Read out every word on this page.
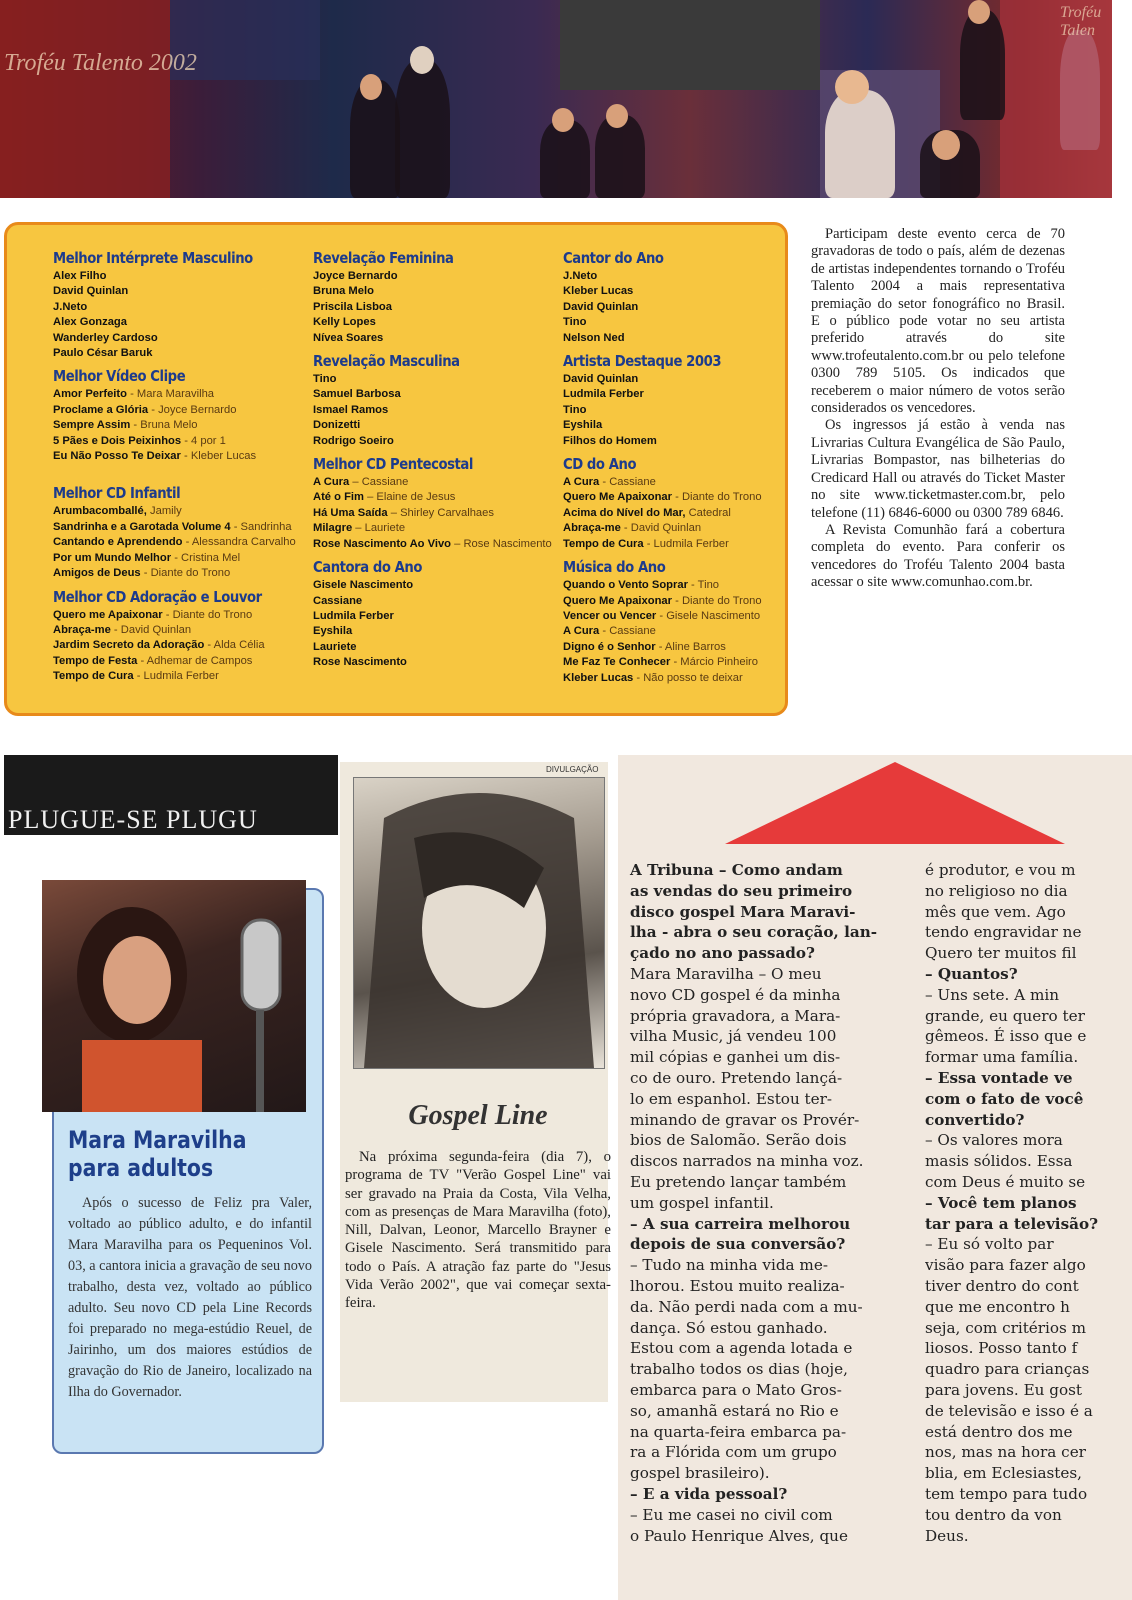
Troféu Talento 2002
Troféu Talen
Melhor Intérprete Masculino
Alex Filho
David Quinlan
J.Neto
Alex Gonzaga
Wanderley Cardoso
Paulo César Baruk
Melhor Vídeo Clipe
Amor Perfeito - Mara Maravilha
Proclame a Glória - Joyce Bernardo
Sempre Assim - Bruna Melo
5 Pães e Dois Peixinhos - 4 por 1
Eu Não Posso Te Deixar - Kleber Lucas
Melhor CD Infantil
Arumbacomballé, Jamily
Sandrinha e a Garotada Volume 4 - Sandrinha
Cantando e Aprendendo - Alessandra Carvalho
Por um Mundo Melhor - Cristina Mel
Amigos de Deus - Diante do Trono
Melhor CD Adoração e Louvor
Quero me Apaixonar - Diante do Trono
Abraça-me - David Quinlan
Jardim Secreto da Adoração - Alda Célia
Tempo de Festa - Adhemar de Campos
Tempo de Cura - Ludmila Ferber
Revelação Feminina
Joyce Bernardo
Bruna Melo
Priscila Lisboa
Kelly Lopes
Nívea Soares
Revelação Masculina
Tino
Samuel Barbosa
Ismael Ramos
Donizetti
Rodrigo Soeiro
Melhor CD Pentecostal
A Cura – Cassiane
Até o Fim – Elaine de Jesus
Há Uma Saída – Shirley Carvalhaes
Milagre – Lauriete
Rose Nascimento Ao Vivo – Rose Nascimento
Cantora do Ano
Gisele Nascimento
Cassiane
Ludmila Ferber
Eyshila
Lauriete
Rose Nascimento
Cantor do Ano
J.Neto
Kleber Lucas
David Quinlan
Tino
Nelson Ned
Artista Destaque 2003
David Quinlan
Ludmila Ferber
Tino
Eyshila
Filhos do Homem
CD do Ano
A Cura - Cassiane
Quero Me Apaixonar - Diante do Trono
Acima do Nível do Mar, Catedral
Abraça-me - David Quinlan
Tempo de Cura - Ludmila Ferber
Música do Ano
Quando o Vento Soprar - Tino
Quero Me Apaixonar - Diante do Trono
Vencer ou Vencer - Gisele Nascimento
A Cura - Cassiane
Digno é o Senhor - Aline Barros
Me Faz Te Conhecer - Márcio Pinheiro
Kleber Lucas - Não posso te deixar

Participam deste evento cerca de 70 gravadoras de todo o país, além de dezenas de artistas independentes tornando o Troféu Talento 2004 a mais representativa premiação do setor fonográfico no Brasil. E o público pode votar no seu artista preferido através do site www.trofeutalento.com.br ou pelo telefone 0300 789 5105. Os indicados que receberem o maior número de votos serão considerados os vencedores.

Os ingressos já estão à venda nas Livrarias Cultura Evangélica de São Paulo, Livrarias Bompastor, nas bilheterias do Credicard Hall ou através do Ticket Master no site www.ticketmaster.com.br, pelo telefone (11) 6846-6000 ou 0300 789 6846.

A Revista Comunhão fará a cobertura completa do evento. Para conferir os vencedores do Troféu Talento 2004 basta acessar o site www.comunhao.com.br.

PLUGUE-SE PLUGU
Mara Maravilha para adultos

Após o sucesso de Feliz pra Valer, voltado ao público adulto, e do infantil Mara Maravilha para os Pequeninos Vol. 03, a cantora inicia a gravação de seu novo trabalho, desta vez, voltado ao público adulto. Seu novo CD pela Line Records foi preparado no mega-estúdio Reuel, de Jairinho, um dos maiores estúdios de gravação do Rio de Janeiro, localizado na Ilha do Governador.

DIVULGAÇÃO
Gospel Line

Na próxima segunda-feira (dia 7), o programa de TV "Verão Gospel Line" vai ser gravado na Praia da Costa, Vila Velha, com as presenças de Mara Maravilha (foto), Nill, Dalvan, Leonor, Marcello Brayner e Gisele Nascimento. Será transmitido para todo o País. A atração faz parte do "Jesus Vida Verão 2002", que vai começar sexta-feira.

A Tribuna – Como andam
as vendas do seu primeiro
disco gospel Mara Maravi-
lha - abra o seu coração, lan-
çado no ano passado?
Mara Maravilha – O meu
novo CD gospel é da minha
própria gravadora, a Mara-
vilha Music, já vendeu 100
mil cópias e ganhei um dis-
co de ouro. Pretendo lançá-
lo em espanhol. Estou ter-
minando de gravar os Provér-
bios de Salomão. Serão dois
discos narrados na minha voz.
Eu pretendo lançar também
um gospel infantil.
– A sua carreira melhorou
depois de sua conversão?
– Tudo na minha vida me-
lhorou. Estou muito realiza-
da. Não perdi nada com a mu-
dança. Só estou ganhado.
Estou com a agenda lotada e
trabalho todos os dias (hoje,
embarca para o Mato Gros-
so, amanhã estará no Rio e
na quarta-feira embarca pa-
ra a Flórida com um grupo
gospel brasileiro).
– E a vida pessoal?
– Eu me casei no civil com
o Paulo Henrique Alves, que
é produtor, e vou m
no religioso no dia
mês que vem. Ago
tendo engravidar ne
Quero ter muitos fil
– Quantos?
– Uns sete. A min
grande, eu quero ter
gêmeos. É isso que e
formar uma família.
– Essa vontade ve
com o fato de você
convertido?
– Os valores mora
masis sólidos. Essa
com Deus é muito se
– Você tem planos
tar para a televisão?
– Eu só volto par
visão para fazer algo
tiver dentro do cont
que me encontro h
seja, com critérios m
liosos. Posso tanto f
quadro para crianças
para jovens. Eu gost
de televisão e isso é a
está dentro dos me
nos, mas na hora cer
blia, em Eclesiastes,
tem tempo para tudo
tou dentro da von
Deus.
